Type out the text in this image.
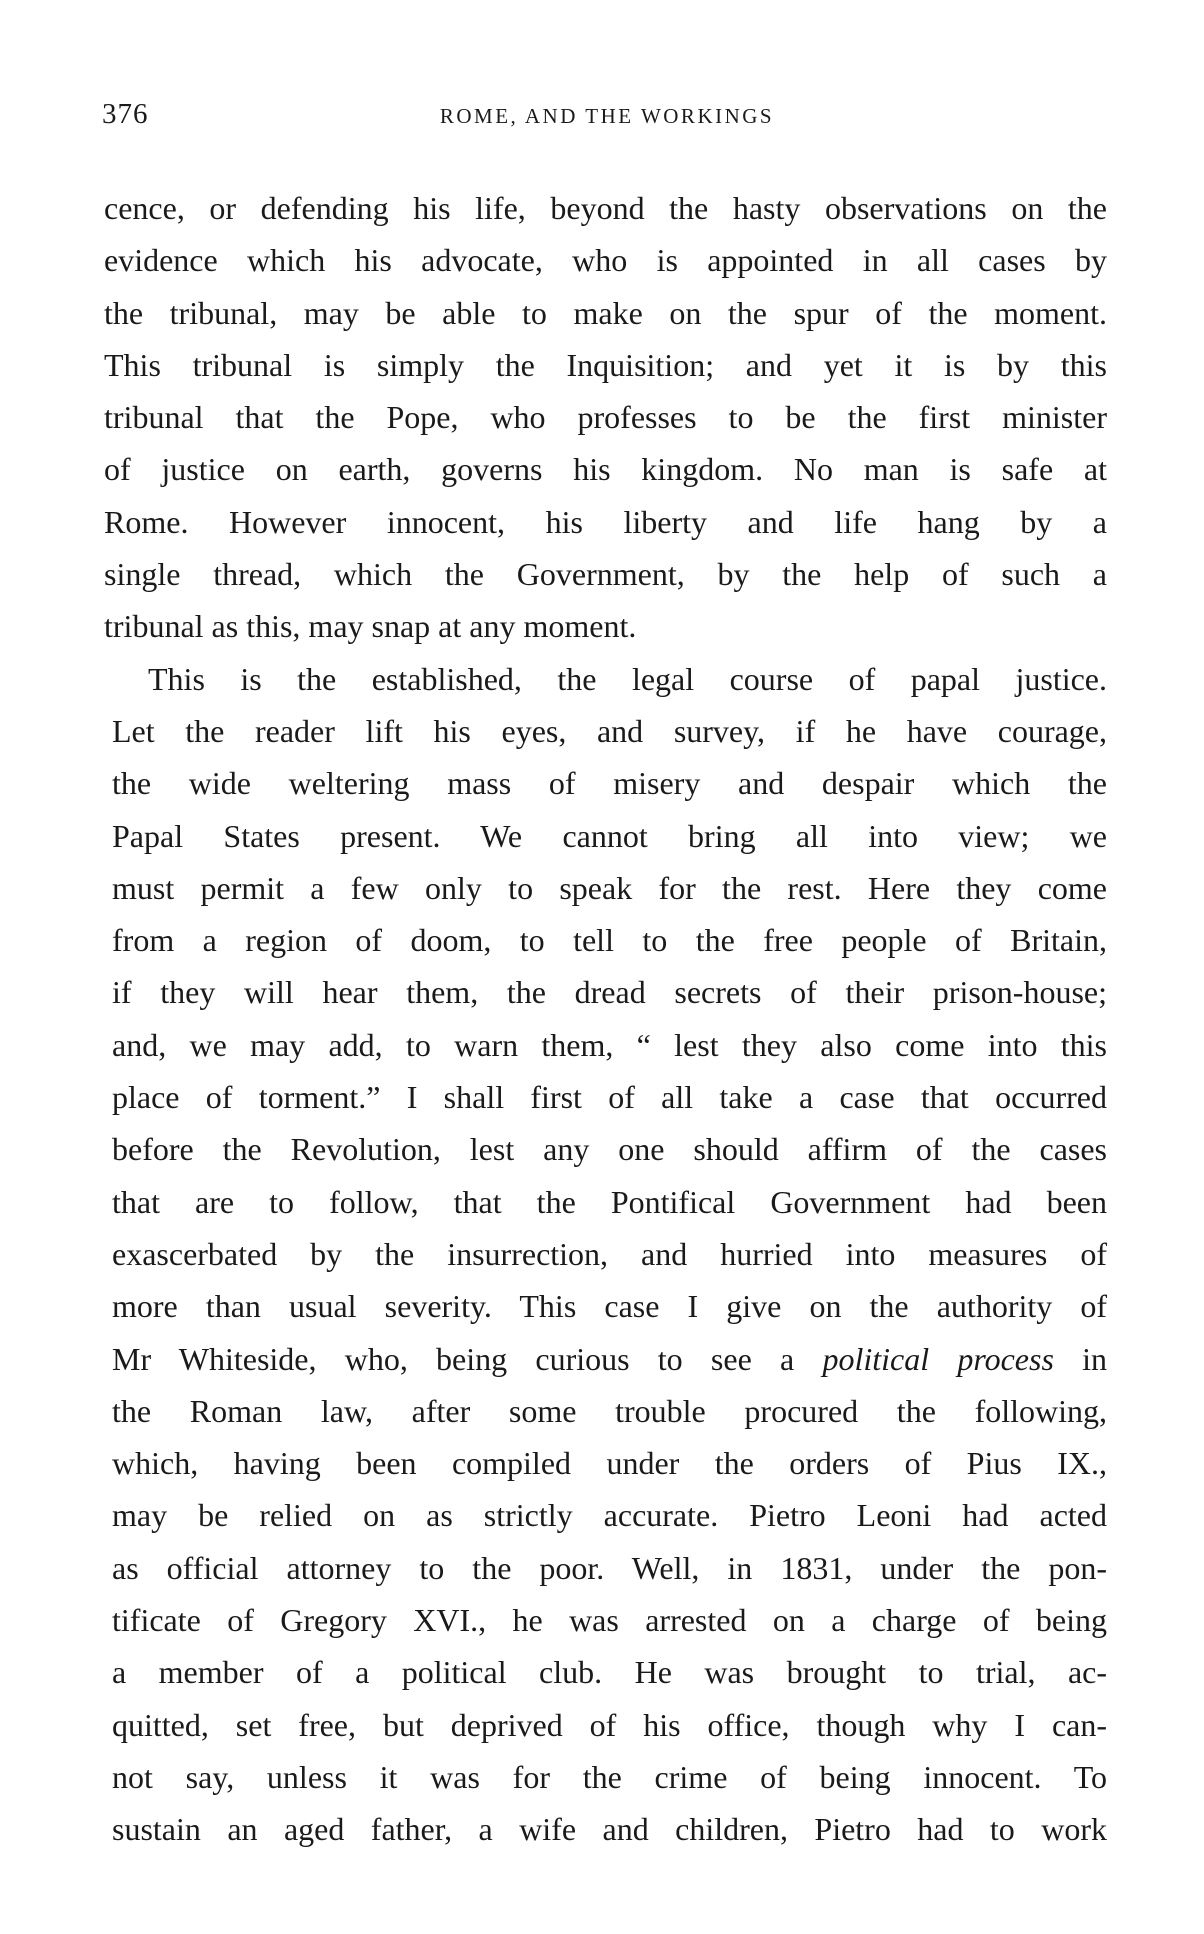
376	ROME, AND THE WORKINGS
cence, or defending his life, beyond the hasty observations on the
evidence which his advocate, who is appointed in all cases by
the tribunal, may be able to make on the spur of the moment.
This tribunal is simply the Inquisition; and yet it is by this
tribunal that the Pope, who professes to be the first minister
of justice on earth, governs his kingdom. No man is safe at
Rome. However innocent, his liberty and life hang by a
single thread, which the Government, by the help of such a
tribunal as this, may snap at any moment.
This is the established, the legal course of papal justice.
Let the reader lift his eyes, and survey, if he have courage,
the wide weltering mass of misery and despair which the
Papal States present. We cannot bring all into view; we
must permit a few only to speak for the rest. Here they come
from a region of doom, to tell to the free people of Britain,
if they will hear them, the dread secrets of their prison-house;
and, we may add, to warn them, “ lest they also come into this
place of torment.” I shall first of all take a case that occurred
before the Revolution, lest any one should affirm of the cases
that are to follow, that the Pontifical Government had been
exascerbated by the insurrection, and hurried into measures of
more than usual severity. This case I give on the authority of
Mr Whiteside, who, being curious to see a political process in
the Roman law, after some trouble procured the following,
which, having been compiled under the orders of Pius IX.,
may be relied on as strictly accurate. Pietro Leoni had acted
as official attorney to the poor. Well, in 1831, under the pon-
tificate of Gregory XVI., he was arrested on a charge of being
a member of a political club. He was brought to trial, ac-
quitted, set free, but deprived of his office, though why I can-
not say, unless it was for the crime of being innocent. To
sustain an aged father, a wife and children, Pietro had to work
